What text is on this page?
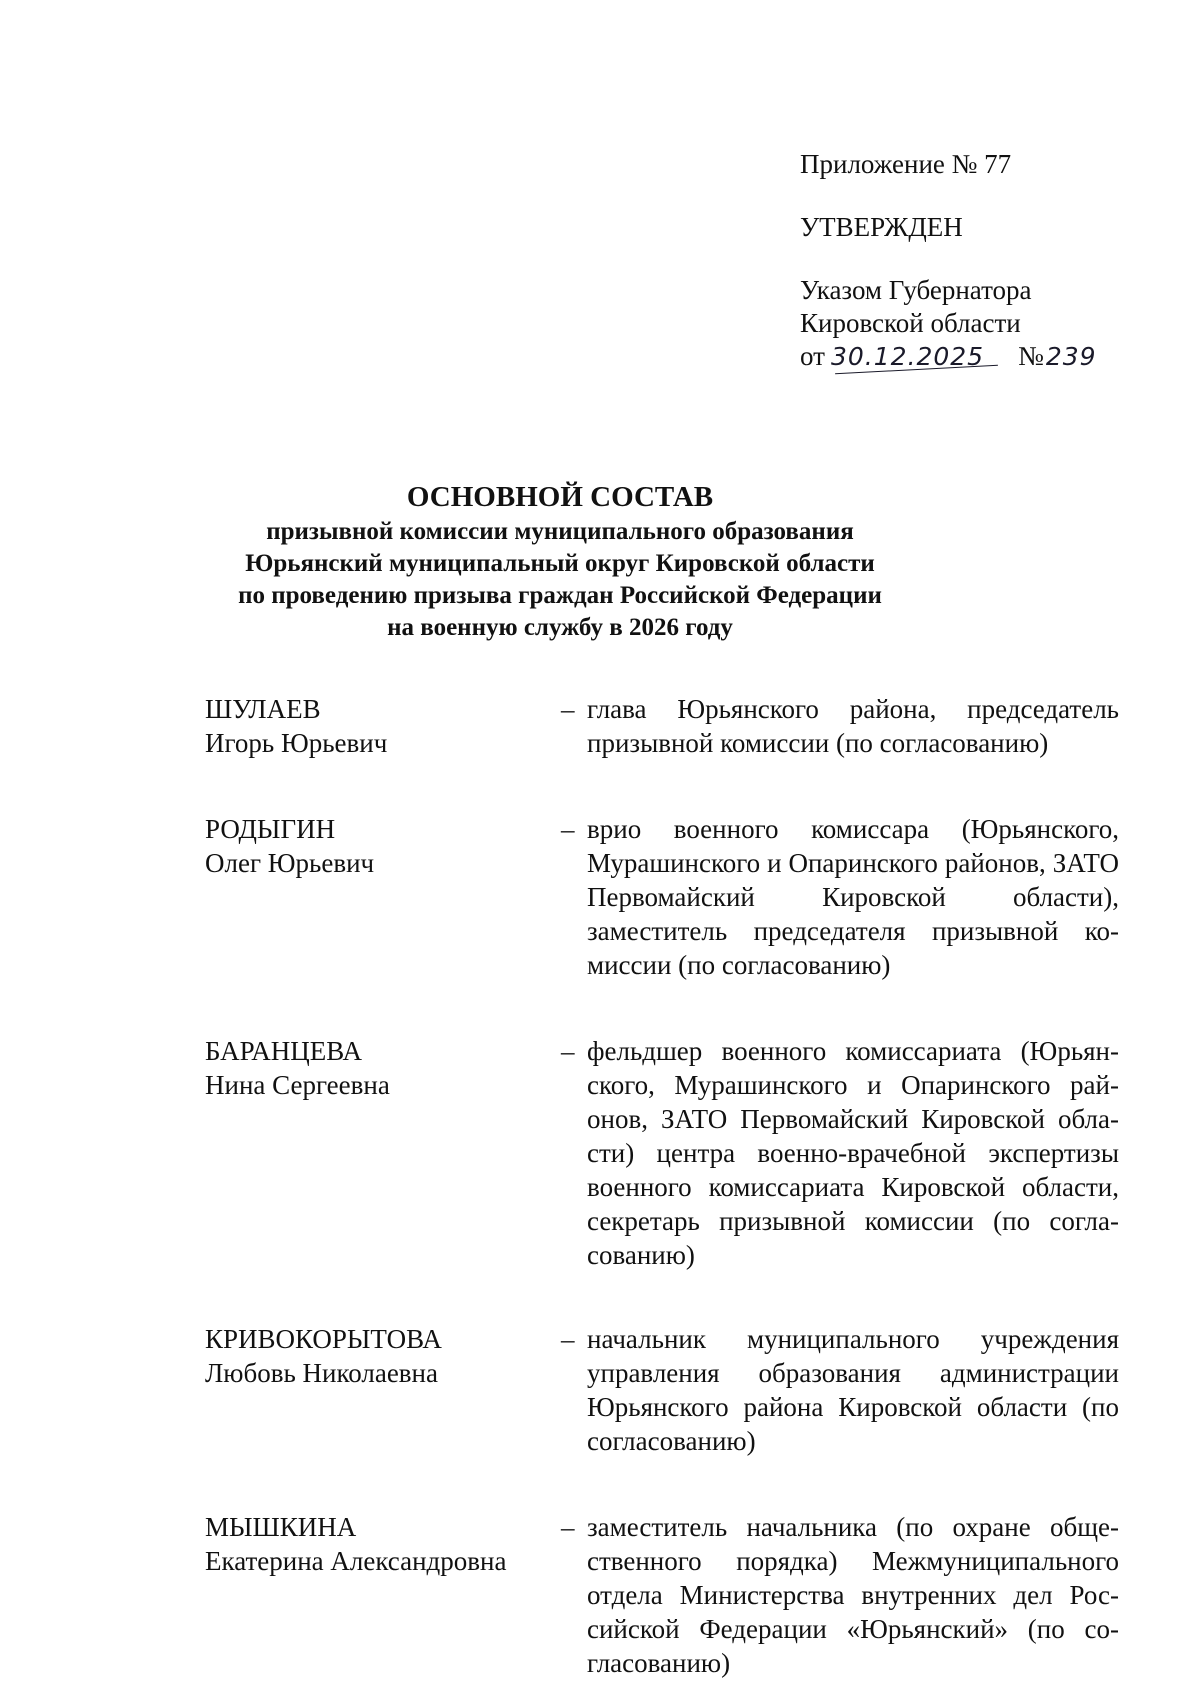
Приложение № 77
УТВЕРЖДЕН
Указом Губернатора
Кировской области
от 30.12.2025 №239
ОСНОВНОЙ СОСТАВ
призывной комиссии муниципального образования
Юрьянский муниципальный округ Кировской области
по проведению призыва граждан Российской Федерации
на военную службу в 2026 году
ШУЛАЕВ
Игорь Юрьевич
– глава Юрьянского района, председатель призывной комиссии (по согласованию)
РОДЫГИН
Олег Юрьевич
– врио военного комиссара (Юрьянского, Мурашинского и Опаринского районов, ЗАТО Первомайский Кировской области), заместитель председателя призывной комиссии (по согласованию)
БАРАНЦЕВА
Нина Сергеевна
– фельдшер военного комиссариата (Юрьянского, Мурашинского и Опаринского районов, ЗАТО Первомайский Кировской области) центра военно-врачебной экспертизы военного комиссариата Кировской области, секретарь призывной комиссии (по согласованию)
КРИВОКОРЫТОВА
Любовь Николаевна
– начальник муниципального учреждения управления образования администрации Юрьянского района Кировской области (по согласованию)
МЫШКИНА
Екатерина Александровна
– заместитель начальника (по охране общественного порядка) Межмуниципального отдела Министерства внутренних дел Российской Федерации «Юрьянский» (по согласованию)
